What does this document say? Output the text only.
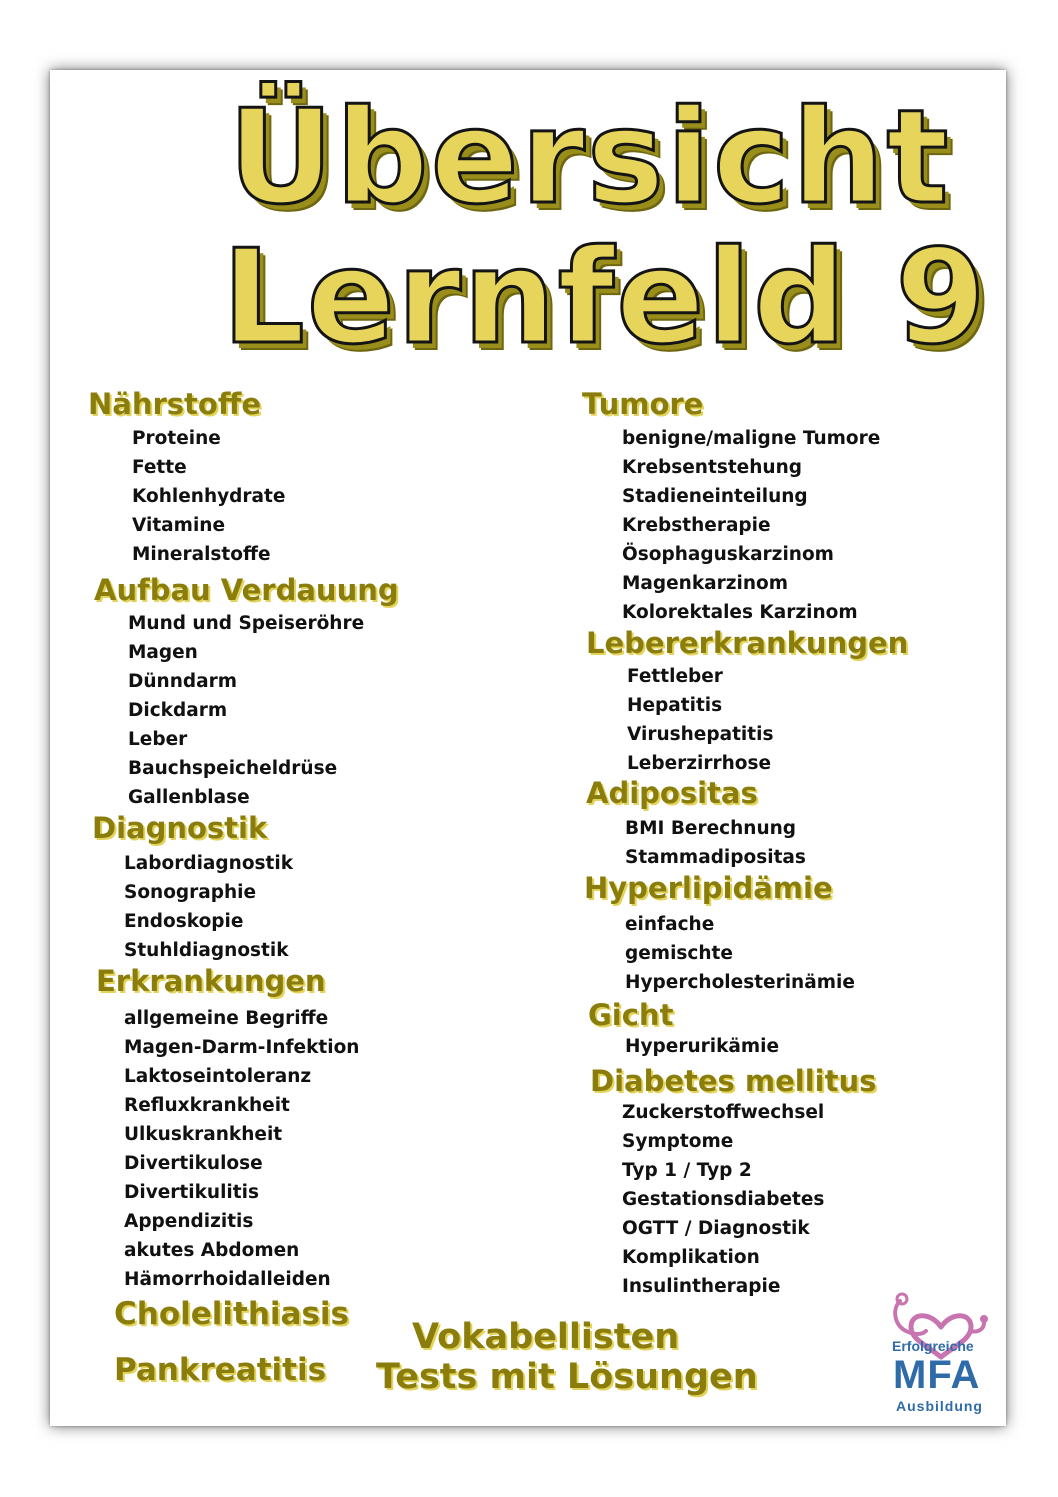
Übersicht
Lernfeld 9
Nährstoffe
Proteine
Fette
Kohlenhydrate
Vitamine
Mineralstoffe
Aufbau Verdauung
Mund und Speiseröhre
Magen
Dünndarm
Dickdarm
Leber
Bauchspeicheldrüse
Gallenblase
Diagnostik
Labordiagnostik
Sonographie
Endoskopie
Stuhldiagnostik
Erkrankungen
allgemeine Begriffe
Magen-Darm-Infektion
Laktoseintoleranz
Refluxkrankheit
Ulkuskrankheit
Divertikulose
Divertikulitis
Appendizitis
akutes Abdomen
Hämorrhoidalleiden
Cholelithiasis
Pankreatitis
Tumore
benigne/maligne Tumore
Krebsentstehung
Stadieneinteilung
Krebstherapie
Ösophaguskarzinom
Magenkarzinom
Kolorektales Karzinom
Lebererkrankungen
Fettleber
Hepatitis
Virushepatitis
Leberzirrhose
Adipositas
BMI Berechnung
Stammadipositas
Hyperlipidämie
einfache
gemischte
Hypercholesterinämie
Gicht
Hyperurikämie
Diabetes mellitus
Zuckerstoffwechsel
Symptome
Typ 1 / Typ 2
Gestationsdiabetes
OGTT / Diagnostik
Komplikation
Insulintherapie
Vokabellisten
Tests mit Lösungen
Erfolgreiche
MFA
Ausbildung
